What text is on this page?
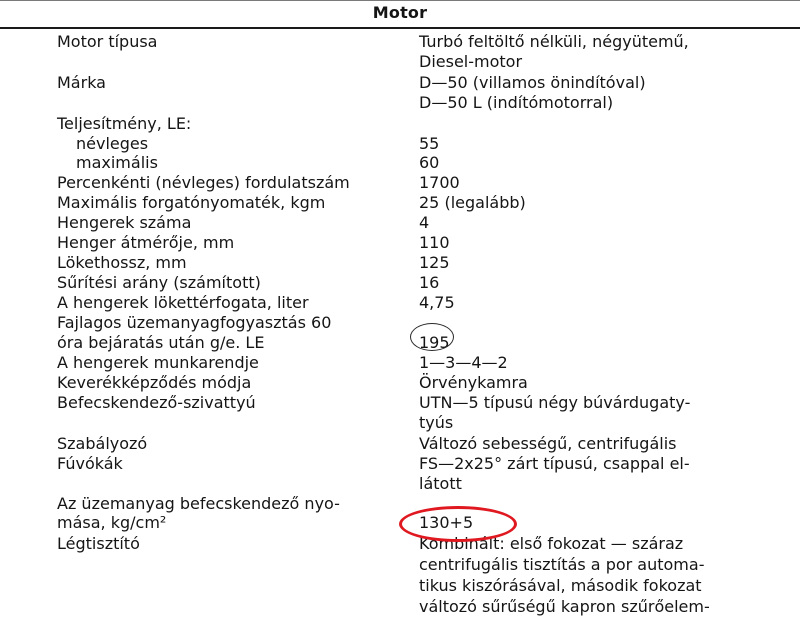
Motor
Motor típusa	Turbó feltöltő nélküli, négyütemű,
Diesel-motor
Márka	D—50 (villamos önindítóval)
D—50 L (indítómotorral)
Teljesítmény, LE:
névleges	55
maximális	60
Percenkénti (névleges) fordulatszám	1700
Maximális forgatónyomaték, kgm	25 (legalább)
Hengerek száma	4
Henger átmérője, mm	110
Lökethossz, mm	125
Sűrítési arány (számított)	16
A hengerek lökettérfogata, liter	4,75
Fajlagos üzemanyagfogyasztás 60
óra bejáratás után g/e. LE	195
A hengerek munkarendje	1—3—4—2
Keverékképződés módja	Örvénykamra
Befecskendező-szivattyú	UTN—5 típusú négy búvárdugaty-
tyús
Szabályozó	Változó sebességű, centrifugális
Fúvókák	FS—2x25° zárt típusú, csappal el-
látott
Az üzemanyag befecskendező nyo-
mása, kg/cm²	130+5
Légtisztító	Kombinált: első fokozat — száraz
centrifugális tisztítás a por automa-
tikus kiszórásával, második fokozat
változó sűrűségű kapron szűrőelem-
